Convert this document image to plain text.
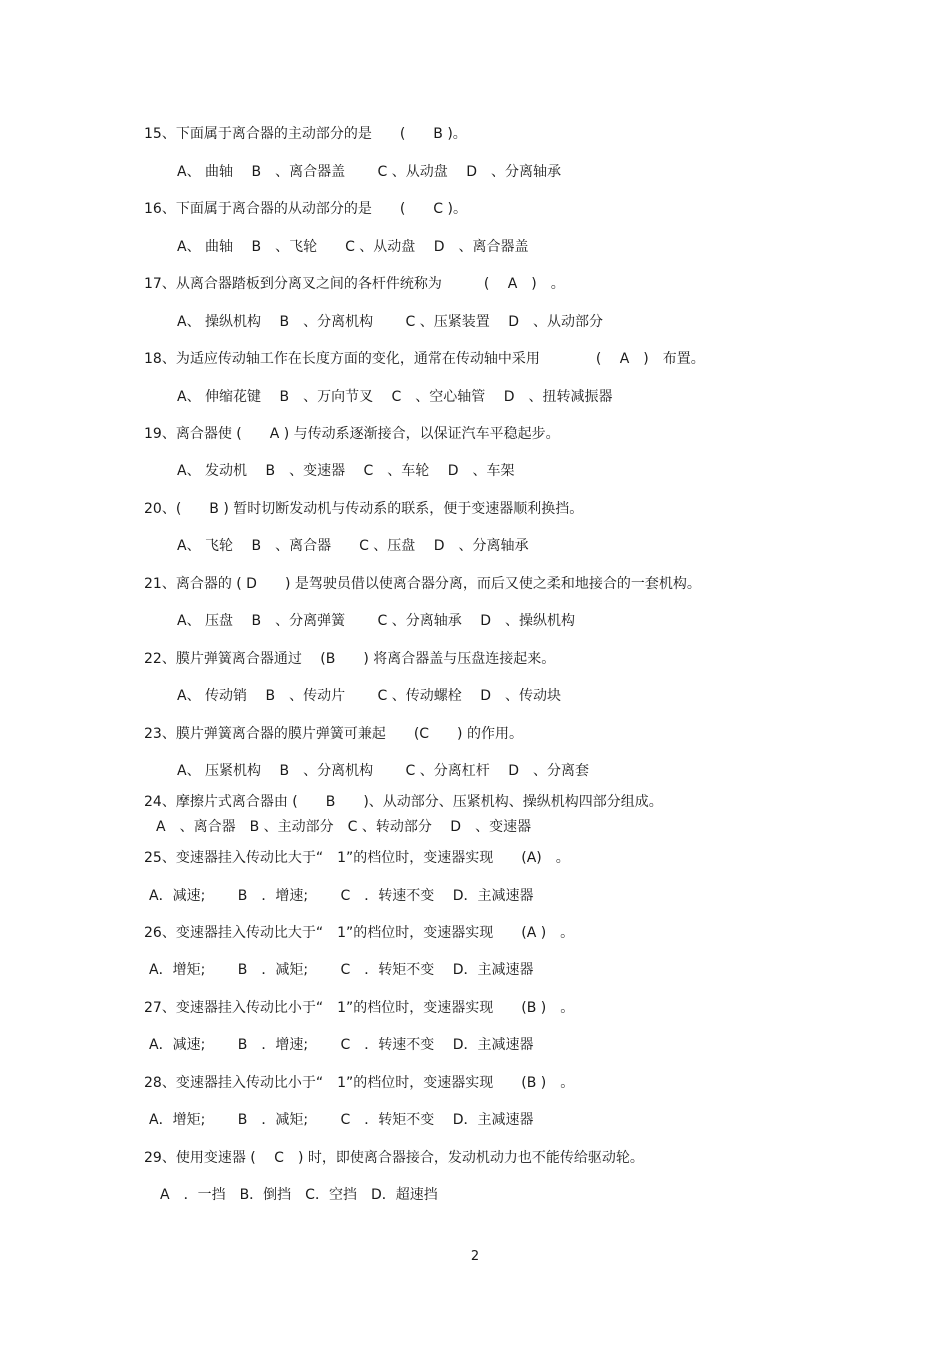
15、下面属于离合器的主动部分的是　　(　　B )。
A、 曲轴　 B　、离合器盖　　 C 、从动盘　 D　、分离轴承
16、下面属于离合器的从动部分的是　　(　　C )。
A、 曲轴　 B　、飞轮　　C 、从动盘　 D　、离合器盖
17、从离合器踏板到分离叉之间的各杆件统称为　　　(　 A　)　。
A、 操纵机构　 B　、分离机构　　 C 、压紧装置　 D　、从动部分
18、为适应传动轴工作在长度方面的变化，通常在传动轴中采用　　　　(　 A　)　布置。
A、 伸缩花键　 B　、万向节叉　 C　、空心轴管　 D　、扭转减振器
19、离合器使 (　　A ) 与传动系逐渐接合，以保证汽车平稳起步。
A、 发动机　 B　、变速器　 C　、车轮　 D　、车架
20、(　　B ) 暂时切断发动机与传动系的联系，便于变速器顺利换挡。
A、 飞轮　 B　、离合器　　C 、压盘　 D　、分离轴承
21、离合器的 ( D　　) 是驾驶员借以使离合器分离，而后又使之柔和地接合的一套机构。
A、 压盘　 B　、分离弹簧　　 C 、分离轴承　 D　、操纵机构
22、膜片弹簧离合器通过　 (B　　) 将离合器盖与压盘连接起来。
A、 传动销　 B　、传动片　　 C 、传动螺栓　 D　、传动块
23、膜片弹簧离合器的膜片弹簧可兼起　　(C　　) 的作用。
A、 压紧机构　 B　、分离机构　　 C 、分离杠杆　 D　、分离套
24、摩擦片式离合器由 (　　B　　)、从动部分、压紧机构、操纵机构四部分组成。
A　、离合器　B 、主动部分　C 、转动部分　 D　、变速器
25、变速器挂入传动比大于“　1”的档位时，变速器实现　　(A)　。
A．减速;　　 B　．增速;　　 C　．转速不变　 D．主减速器
26、变速器挂入传动比大于“　1”的档位时，变速器实现　　(A )　。
A．增矩;　　 B　．减矩;　　 C　．转矩不变　 D．主减速器
27、变速器挂入传动比小于“　1”的档位时，变速器实现　　(B )　。
A．减速;　　 B　．增速;　　 C　．转速不变　 D．主减速器
28、变速器挂入传动比小于“　1”的档位时，变速器实现　　(B )　。
A．增矩;　　 B　．减矩;　　 C　．转矩不变　 D．主减速器
29、使用变速器 (　 C　) 时，即使离合器接合，发动机动力也不能传给驱动轮。
A　．一挡　B．倒挡　C．空挡　D．超速挡
2
